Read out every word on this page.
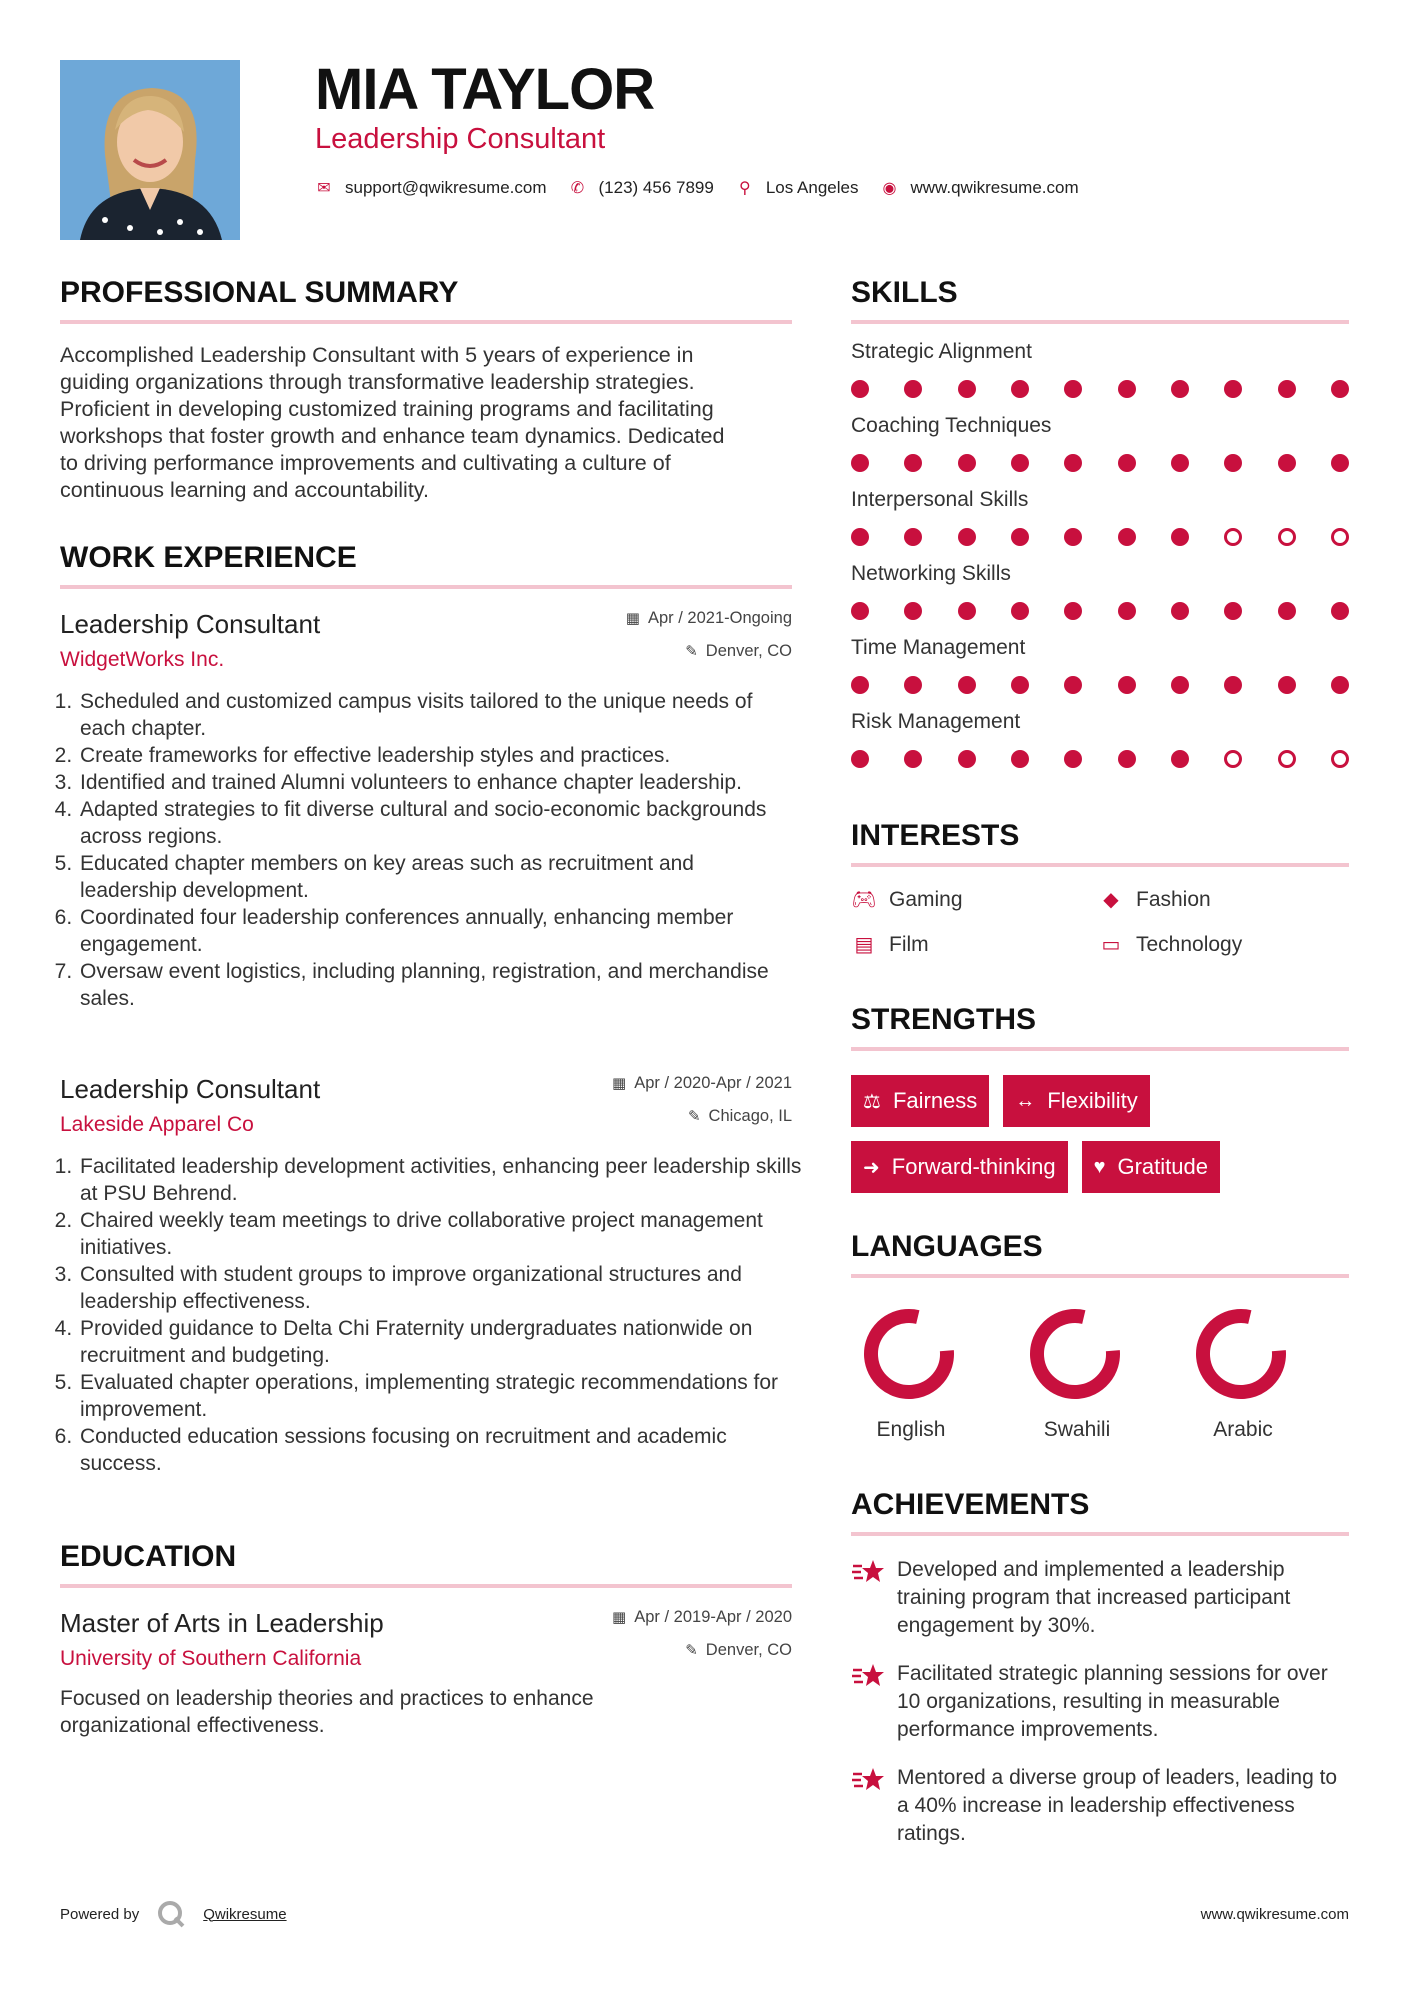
MIA TAYLOR
Leadership Consultant
✉ support@qwikresume.com ✆ (123) 456 7899 ⚲ Los Angeles ◉ www.qwikresume.com
PROFESSIONAL SUMMARY

Accomplished Leadership Consultant with 5 years of experience in
guiding organizations through transformative leadership strategies.
Proficient in developing customized training programs and facilitating
workshops that foster growth and enhance team dynamics. Dedicated
to driving performance improvements and cultivating a culture of
continuous learning and accountability.

WORK EXPERIENCE
Leadership Consultant
WidgetWorks Inc.
▦ Apr / 2021-Ongoing
✎ Denver, CO
1. Scheduled and customized campus visits tailored to the unique needs of each chapter.
2. Create frameworks for effective leadership styles and practices.
3. Identified and trained Alumni volunteers to enhance chapter leadership.
4. Adapted strategies to fit diverse cultural and socio-economic backgrounds across regions.
5. Educated chapter members on key areas such as recruitment and leadership development.
6. Coordinated four leadership conferences annually, enhancing member engagement.
7. Oversaw event logistics, including planning, registration, and merchandise sales.
Leadership Consultant
Lakeside Apparel Co
▦ Apr / 2020-Apr / 2021
✎ Chicago, IL
1. Facilitated leadership development activities, enhancing peer leadership skills at PSU Behrend.
2. Chaired weekly team meetings to drive collaborative project management initiatives.
3. Consulted with student groups to improve organizational structures and leadership effectiveness.
4. Provided guidance to Delta Chi Fraternity undergraduates nationwide on recruitment and budgeting.
5. Evaluated chapter operations, implementing strategic recommendations for improvement.
6. Conducted education sessions focusing on recruitment and academic success.
EDUCATION
Master of Arts in Leadership
University of Southern California
▦ Apr / 2019-Apr / 2020
✎ Denver, CO
Focused on leadership theories and practices to enhance organizational effectiveness.
SKILLS
Strategic Alignment
Coaching Techniques
Interpersonal Skills
Networking Skills
Time Management
Risk Management
INTERESTS
🎮︎ Gaming	◆ Fashion
▤ Film	▭ Technology
STRENGTHS
⚖ Fairness ↔ Flexibility
➜ Forward-thinking ♥ Gratitude
LANGUAGES
English	Swahili	Arabic
ACHIEVEMENTS
Developed and implemented a leadership training program that increased participant engagement by 30%.
Facilitated strategic planning sessions for over 10 organizations, resulting in measurable performance improvements.
Mentored a diverse group of leaders, leading to a 40% increase in leadership effectiveness ratings.
Powered by	Qwikresume	www.qwikresume.com
